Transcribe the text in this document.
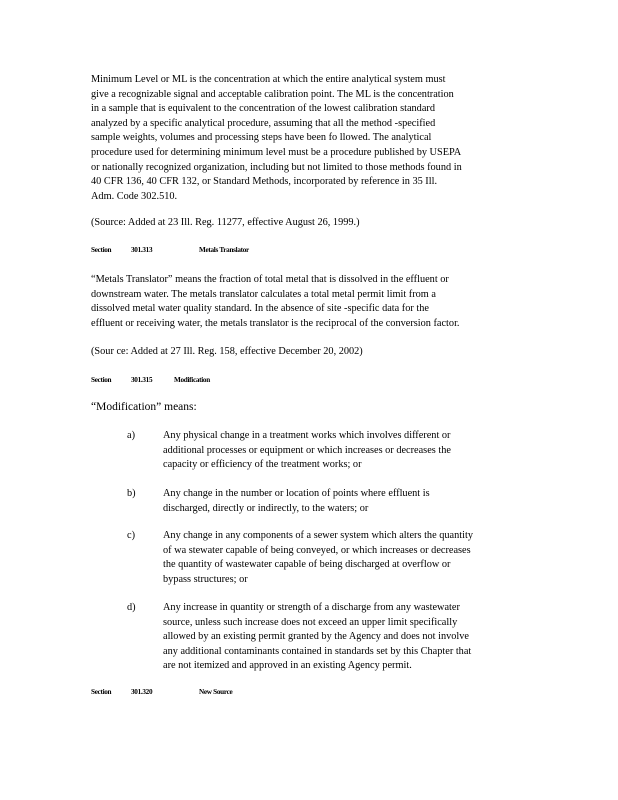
Minimum Level or ML is the concentration at which the entire analytical system must
give a recognizable signal and acceptable calibration point. The ML is the concentration
in a sample that is equivalent to the concentration of the lowest calibration standard
analyzed by a specific analytical procedure, assuming that all the method -specified
sample weights, volumes and processing steps have been fo llowed. The analytical
procedure used for determining minimum level must be a procedure published by USEPA
or nationally recognized organization, including but not limited to those methods found in
40 CFR 136, 40 CFR 132, or Standard Methods, incorporated by reference in 35 Ill.
Adm. Code 302.510.
(Source: Added at 23 Ill. Reg. 11277, effective August 26, 1999.)
Section	301.313	Metals Translator
“Metals Translator” means the fraction of total metal that is dissolved in the effluent or
downstream water. The metals translator calculates a total metal permit limit from a
dissolved metal water quality standard. In the absence of site -specific data for the
effluent or receiving water, the metals translator is the reciprocal of the conversion factor.
(Sour ce: Added at 27 Ill. Reg. 158, effective December 20, 2002)
Section	301.315	Modification
“Modification” means:
a)	Any physical change in a treatment works which involves different or
additional processes or equipment or which increases or decreases the
capacity or efficiency of the treatment works; or
b)	Any change in the number or location of points where effluent is
discharged, directly or indirectly, to the waters; or
c)	Any change in any components of a sewer system which alters the quantity
of wa stewater capable of being conveyed, or which increases or decreases
the quantity of wastewater capable of being discharged at overflow or
bypass structures; or
d)	Any increase in quantity or strength of a discharge from any wastewater
source, unless such increase does not exceed an upper limit specifically
allowed by an existing permit granted by the Agency and does not involve
any additional contaminants contained in standards set by this Chapter that
are not itemized and approved in an existing Agency permit.
Section	301.320	New Source
